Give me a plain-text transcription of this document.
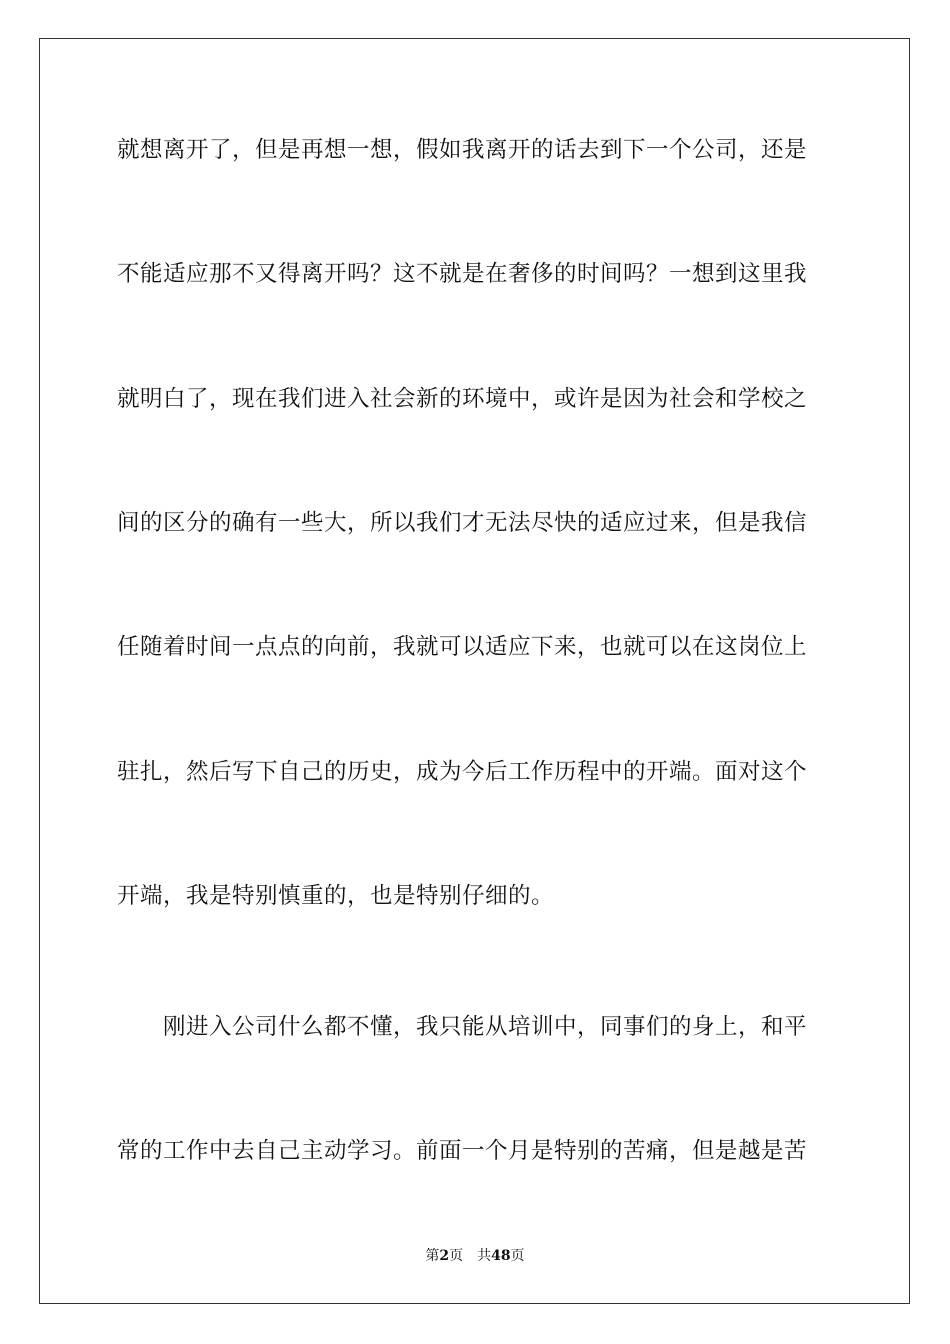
就想离开了，但是再想一想，假如我离开的话去到下一个公司，还是
不能适应那不又得离开吗？这不就是在奢侈的时间吗？一想到这里我
就明白了，现在我们进入社会新的环境中，或许是因为社会和学校之
间的区分的确有一些大，所以我们才无法尽快的适应过来，但是我信
任随着时间一点点的向前，我就可以适应下来，也就可以在这岗位上
驻扎，然后写下自己的历史，成为今后工作历程中的开端。面对这个
开端，我是特别慎重的，也是特别仔细的。
　　刚进入公司什么都不懂，我只能从培训中，同事们的身上，和平
常的工作中去自己主动学习。前面一个月是特别的苦痛，但是越是苦
第2页 共48页
